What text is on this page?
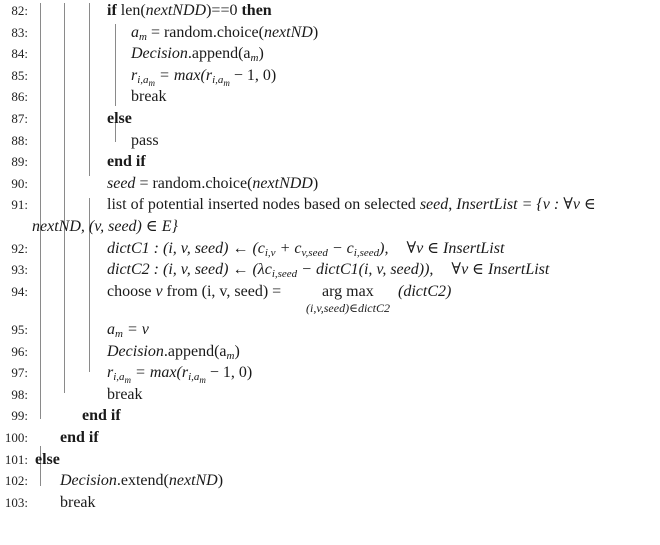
82:	if len(nextNDD)==0 then
83:	$a_m$ = random.choice(nextND)
84:	$Decision.append(a_m)$
85:	$r_{i,a_m} = \max(r_{i,a_m} - 1$, 0)
86:	break
87:	else
88:	pass
89:	end if
90:	seed = random.choice(nextNDD)
91:	list of potential inserted nodes based on selected seed, InsertList = {v : ∀v ∈
nextND, (v, seed) ∈ E}
92:	dictC1 : (i, v, seed) ← $(c_{i,v} + c_{v,seed} - c_{i,seed})$, ∀v ∈ InsertList
93:	dictC2 : (i, v, seed) ← ($\lambda c_{i,seed}$ − dictC1(i, v, seed)), ∀v ∈ InsertList
94:	choose v from (i, v, seed) =	arg max
(i,v,seed)∈dictC2
(dictC2)
95:	$a_m = v$
96:	$Decision.append(a_m)$
97:	$r_{i,a_m} = \max(r_{i,a_m} - 1$, 0)
98:	break
99:	end if
100: end if
101: else
102: Decision.extend(nextND)
103: break
